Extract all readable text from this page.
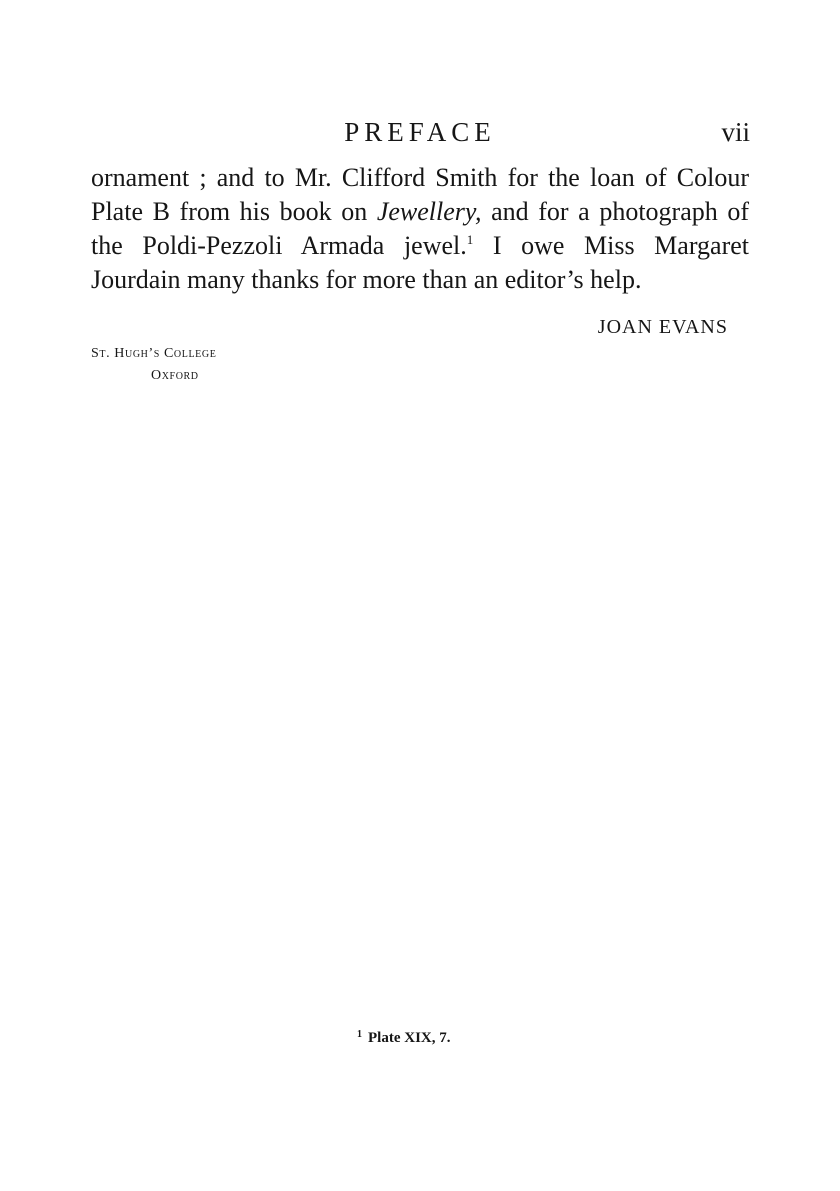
PREFACE	vii
ornament ; and to Mr. Clifford Smith for the loan of Colour
Plate B from his book on Jewellery, and for a photograph of
the Poldi-Pezzoli Armada jewel.$^1$ I owe Miss Margaret
Jourdain many thanks for more than an editor’s help.
JOAN EVANS
St. Hugh’s College
Oxford
$^1$ Plate XIX, 7.
